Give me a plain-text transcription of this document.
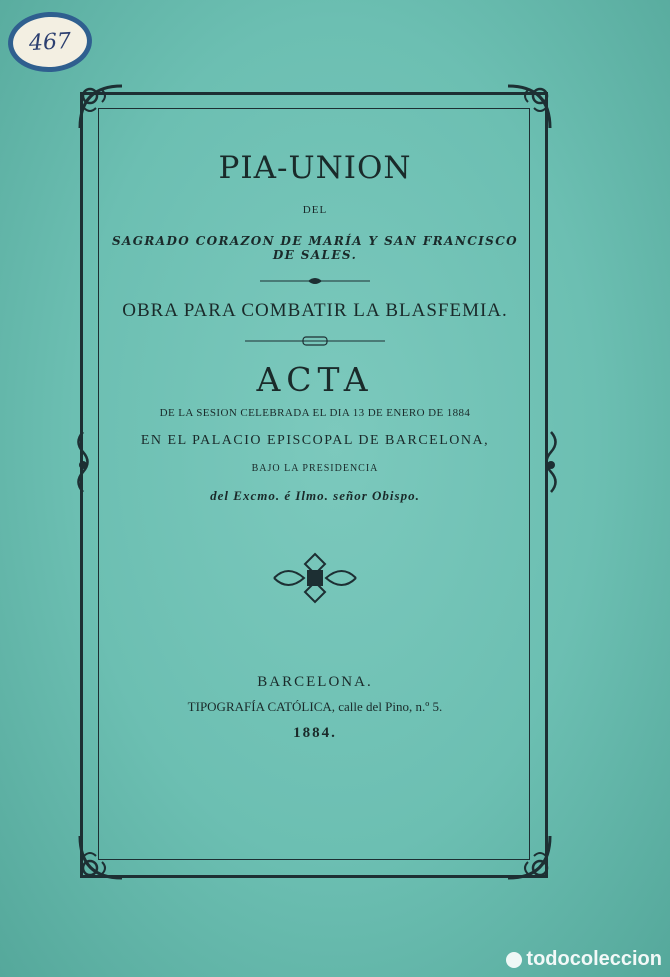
467
PIA-UNION
DEL
SAGRADO CORAZON DE MARÍA Y SAN FRANCISCO DE SALES.
OBRA PARA COMBATIR LA BLASFEMIA.
ACTA
DE LA SESION CELEBRADA EL DIA 13 DE ENERO DE 1884
EN EL PALACIO EPISCOPAL DE BARCELONA,
BAJO LA PRESIDENCIA
del Excmo. é Ilmo. señor Obispo.
BARCELONA.
TIPOGRAFÍA CATÓLICA, calle del Pino, n.º 5.
1884.
todocoleccion
